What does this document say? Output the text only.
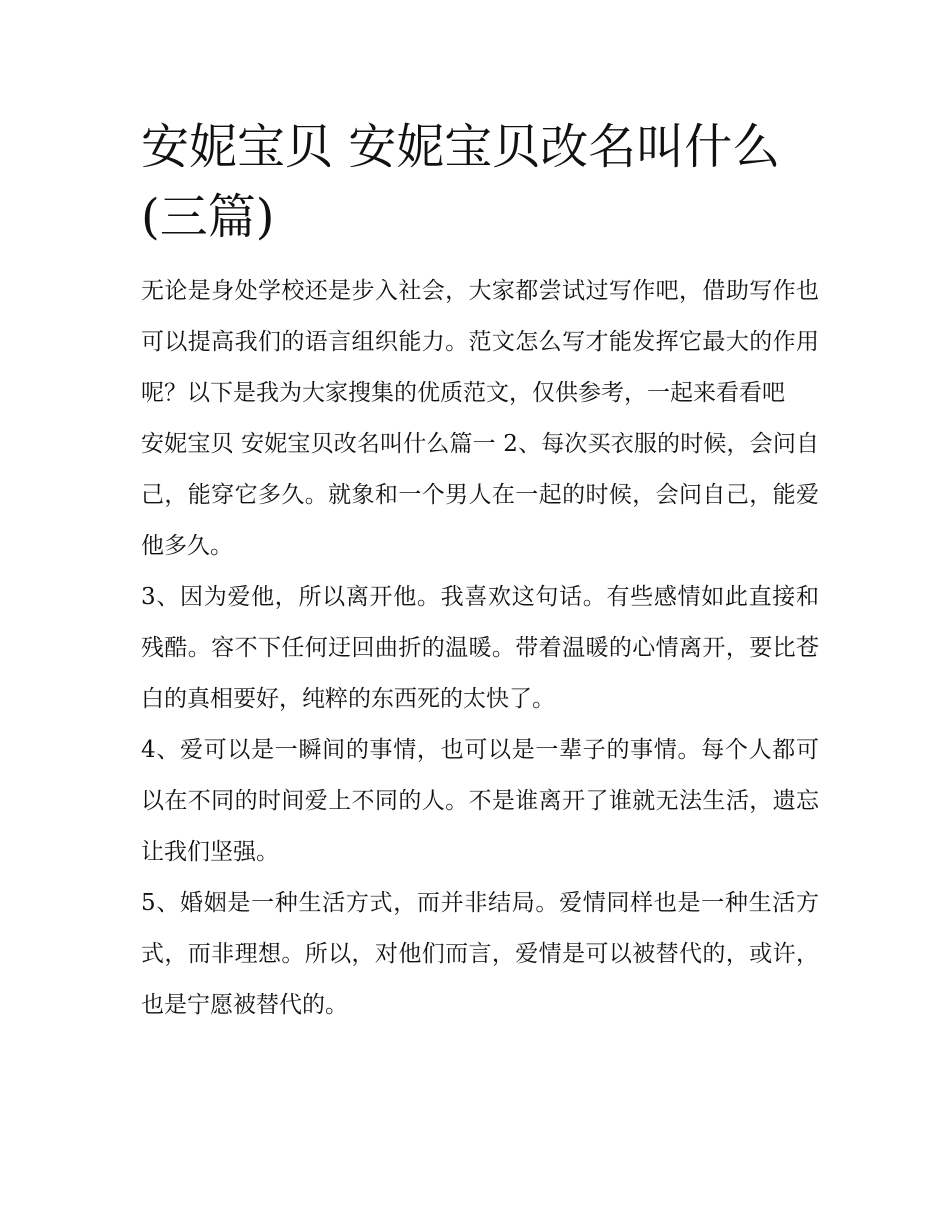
安妮宝贝 安妮宝贝改名叫什么(三篇)

无论是身处学校还是步入社会，大家都尝试过写作吧，借助写作也可以提高我们的语言组织能力。范文怎么写才能发挥它最大的作用呢？以下是我为大家搜集的优质范文，仅供参考，一起来看看吧

安妮宝贝 安妮宝贝改名叫什么篇一 2、每次买衣服的时候，会问自己，能穿它多久。就象和一个男人在一起的时候，会问自己，能爱他多久。

3、因为爱他，所以离开他。我喜欢这句话。有些感情如此直接和残酷。容不下任何迂回曲折的温暖。带着温暖的心情离开，要比苍白的真相要好，纯粹的东西死的太快了。

4、爱可以是一瞬间的事情，也可以是一辈子的事情。每个人都可以在不同的时间爱上不同的人。不是谁离开了谁就无法生活，遗忘让我们坚强。

5、婚姻是一种生活方式，而并非结局。爱情同样也是一种生活方式，而非理想。所以，对他们而言，爱情是可以被替代的，或许，也是宁愿被替代的。
